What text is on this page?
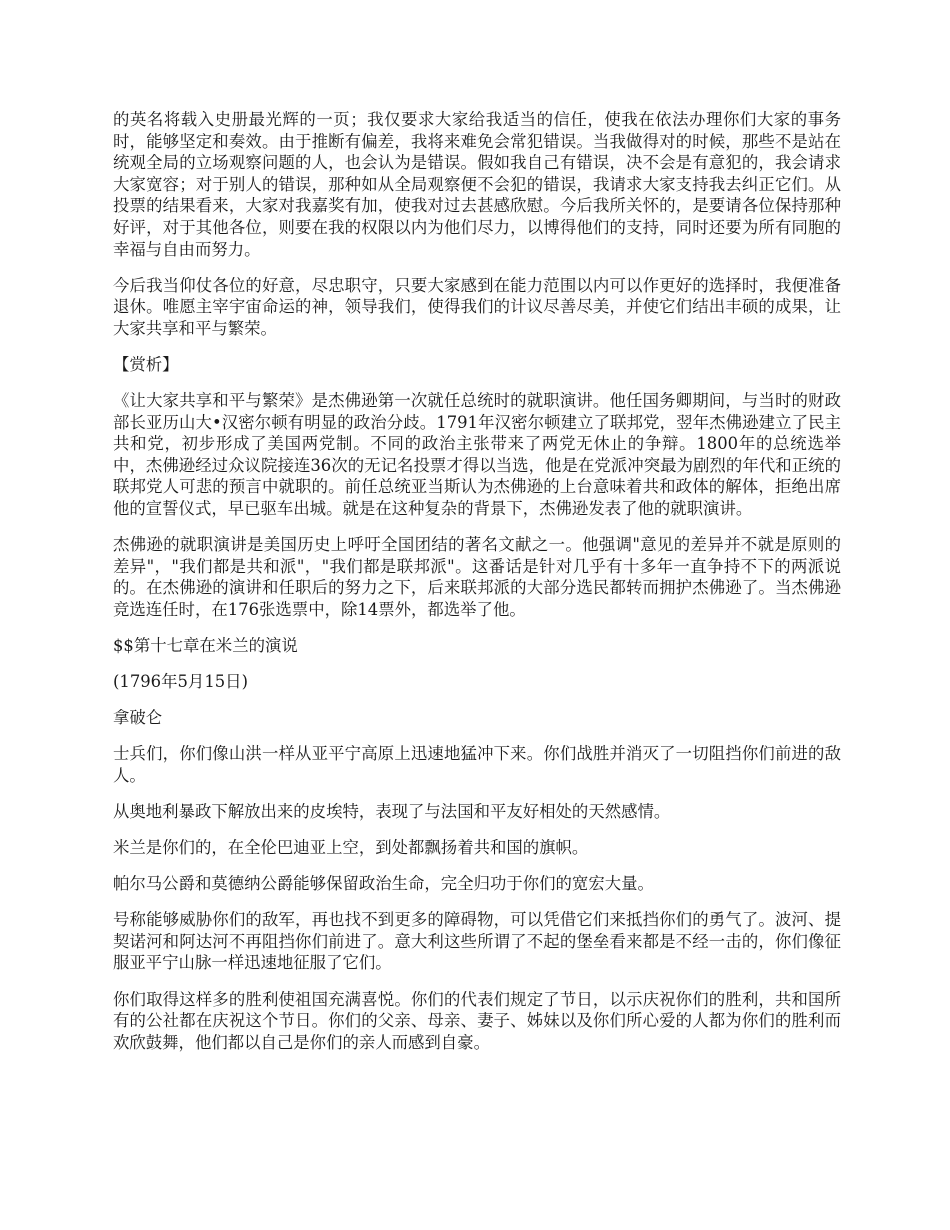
的英名将载入史册最光辉的一页；我仅要求大家给我适当的信任，使我在依法办理你们大家的事务时，能够坚定和奏效。由于推断有偏差，我将来难免会常犯错误。当我做得对的时候，那些不是站在统观全局的立场观察问题的人，也会认为是错误。假如我自己有错误，决不会是有意犯的，我会请求大家宽容；对于别人的错误，那种如从全局观察便不会犯的错误，我请求大家支持我去纠正它们。从投票的结果看来，大家对我嘉奖有加，使我对过去甚感欣慰。今后我所关怀的，是要请各位保持那种好评，对于其他各位，则要在我的权限以内为他们尽力，以博得他们的支持，同时还要为所有同胞的幸福与自由而努力。

今后我当仰仗各位的好意，尽忠职守，只要大家感到在能力范围以内可以作更好的选择时，我便准备退休。唯愿主宰宇宙命运的神，领导我们，使得我们的计议尽善尽美，并使它们结出丰硕的成果，让大家共享和平与繁荣。

【赏析】

《让大家共享和平与繁荣》是杰佛逊第一次就任总统时的就职演讲。他任国务卿期间，与当时的财政部长亚历山大•汉密尔顿有明显的政治分歧。1791年汉密尔顿建立了联邦党，翌年杰佛逊建立了民主共和党，初步形成了美国两党制。不同的政治主张带来了两党无休止的争辩。1800年的总统选举中，杰佛逊经过众议院接连36次的无记名投票才得以当选，他是在党派冲突最为剧烈的年代和正统的联邦党人可悲的预言中就职的。前任总统亚当斯认为杰佛逊的上台意味着共和政体的解体，拒绝出席他的宣誓仪式，早已驱车出城。就是在这种复杂的背景下，杰佛逊发表了他的就职演讲。

杰佛逊的就职演讲是美国历史上呼吁全国团结的著名文献之一。他强调"意见的差异并不就是原则的差异"，"我们都是共和派"，"我们都是联邦派"。这番话是针对几乎有十多年一直争持不下的两派说的。在杰佛逊的演讲和任职后的努力之下，后来联邦派的大部分选民都转而拥护杰佛逊了。当杰佛逊竞选连任时，在176张选票中，除14票外，都选举了他。

$$第十七章在米兰的演说

(1796年5月15日)

拿破仑

士兵们，你们像山洪一样从亚平宁高原上迅速地猛冲下来。你们战胜并消灭了一切阻挡你们前进的敌人。

从奥地利暴政下解放出来的皮埃特，表现了与法国和平友好相处的天然感情。

米兰是你们的，在全伦巴迪亚上空，到处都飘扬着共和国的旗帜。

帕尔马公爵和莫德纳公爵能够保留政治生命，完全归功于你们的宽宏大量。

号称能够威胁你们的敌军，再也找不到更多的障碍物，可以凭借它们来抵挡你们的勇气了。波河、提契诺河和阿达河不再阻挡你们前进了。意大利这些所谓了不起的堡垒看来都是不经一击的，你们像征服亚平宁山脉一样迅速地征服了它们。

你们取得这样多的胜利使祖国充满喜悦。你们的代表们规定了节日，以示庆祝你们的胜利，共和国所有的公社都在庆祝这个节日。你们的父亲、母亲、妻子、姊妹以及你们所心爱的人都为你们的胜利而欢欣鼓舞，他们都以自己是你们的亲人而感到自豪。
